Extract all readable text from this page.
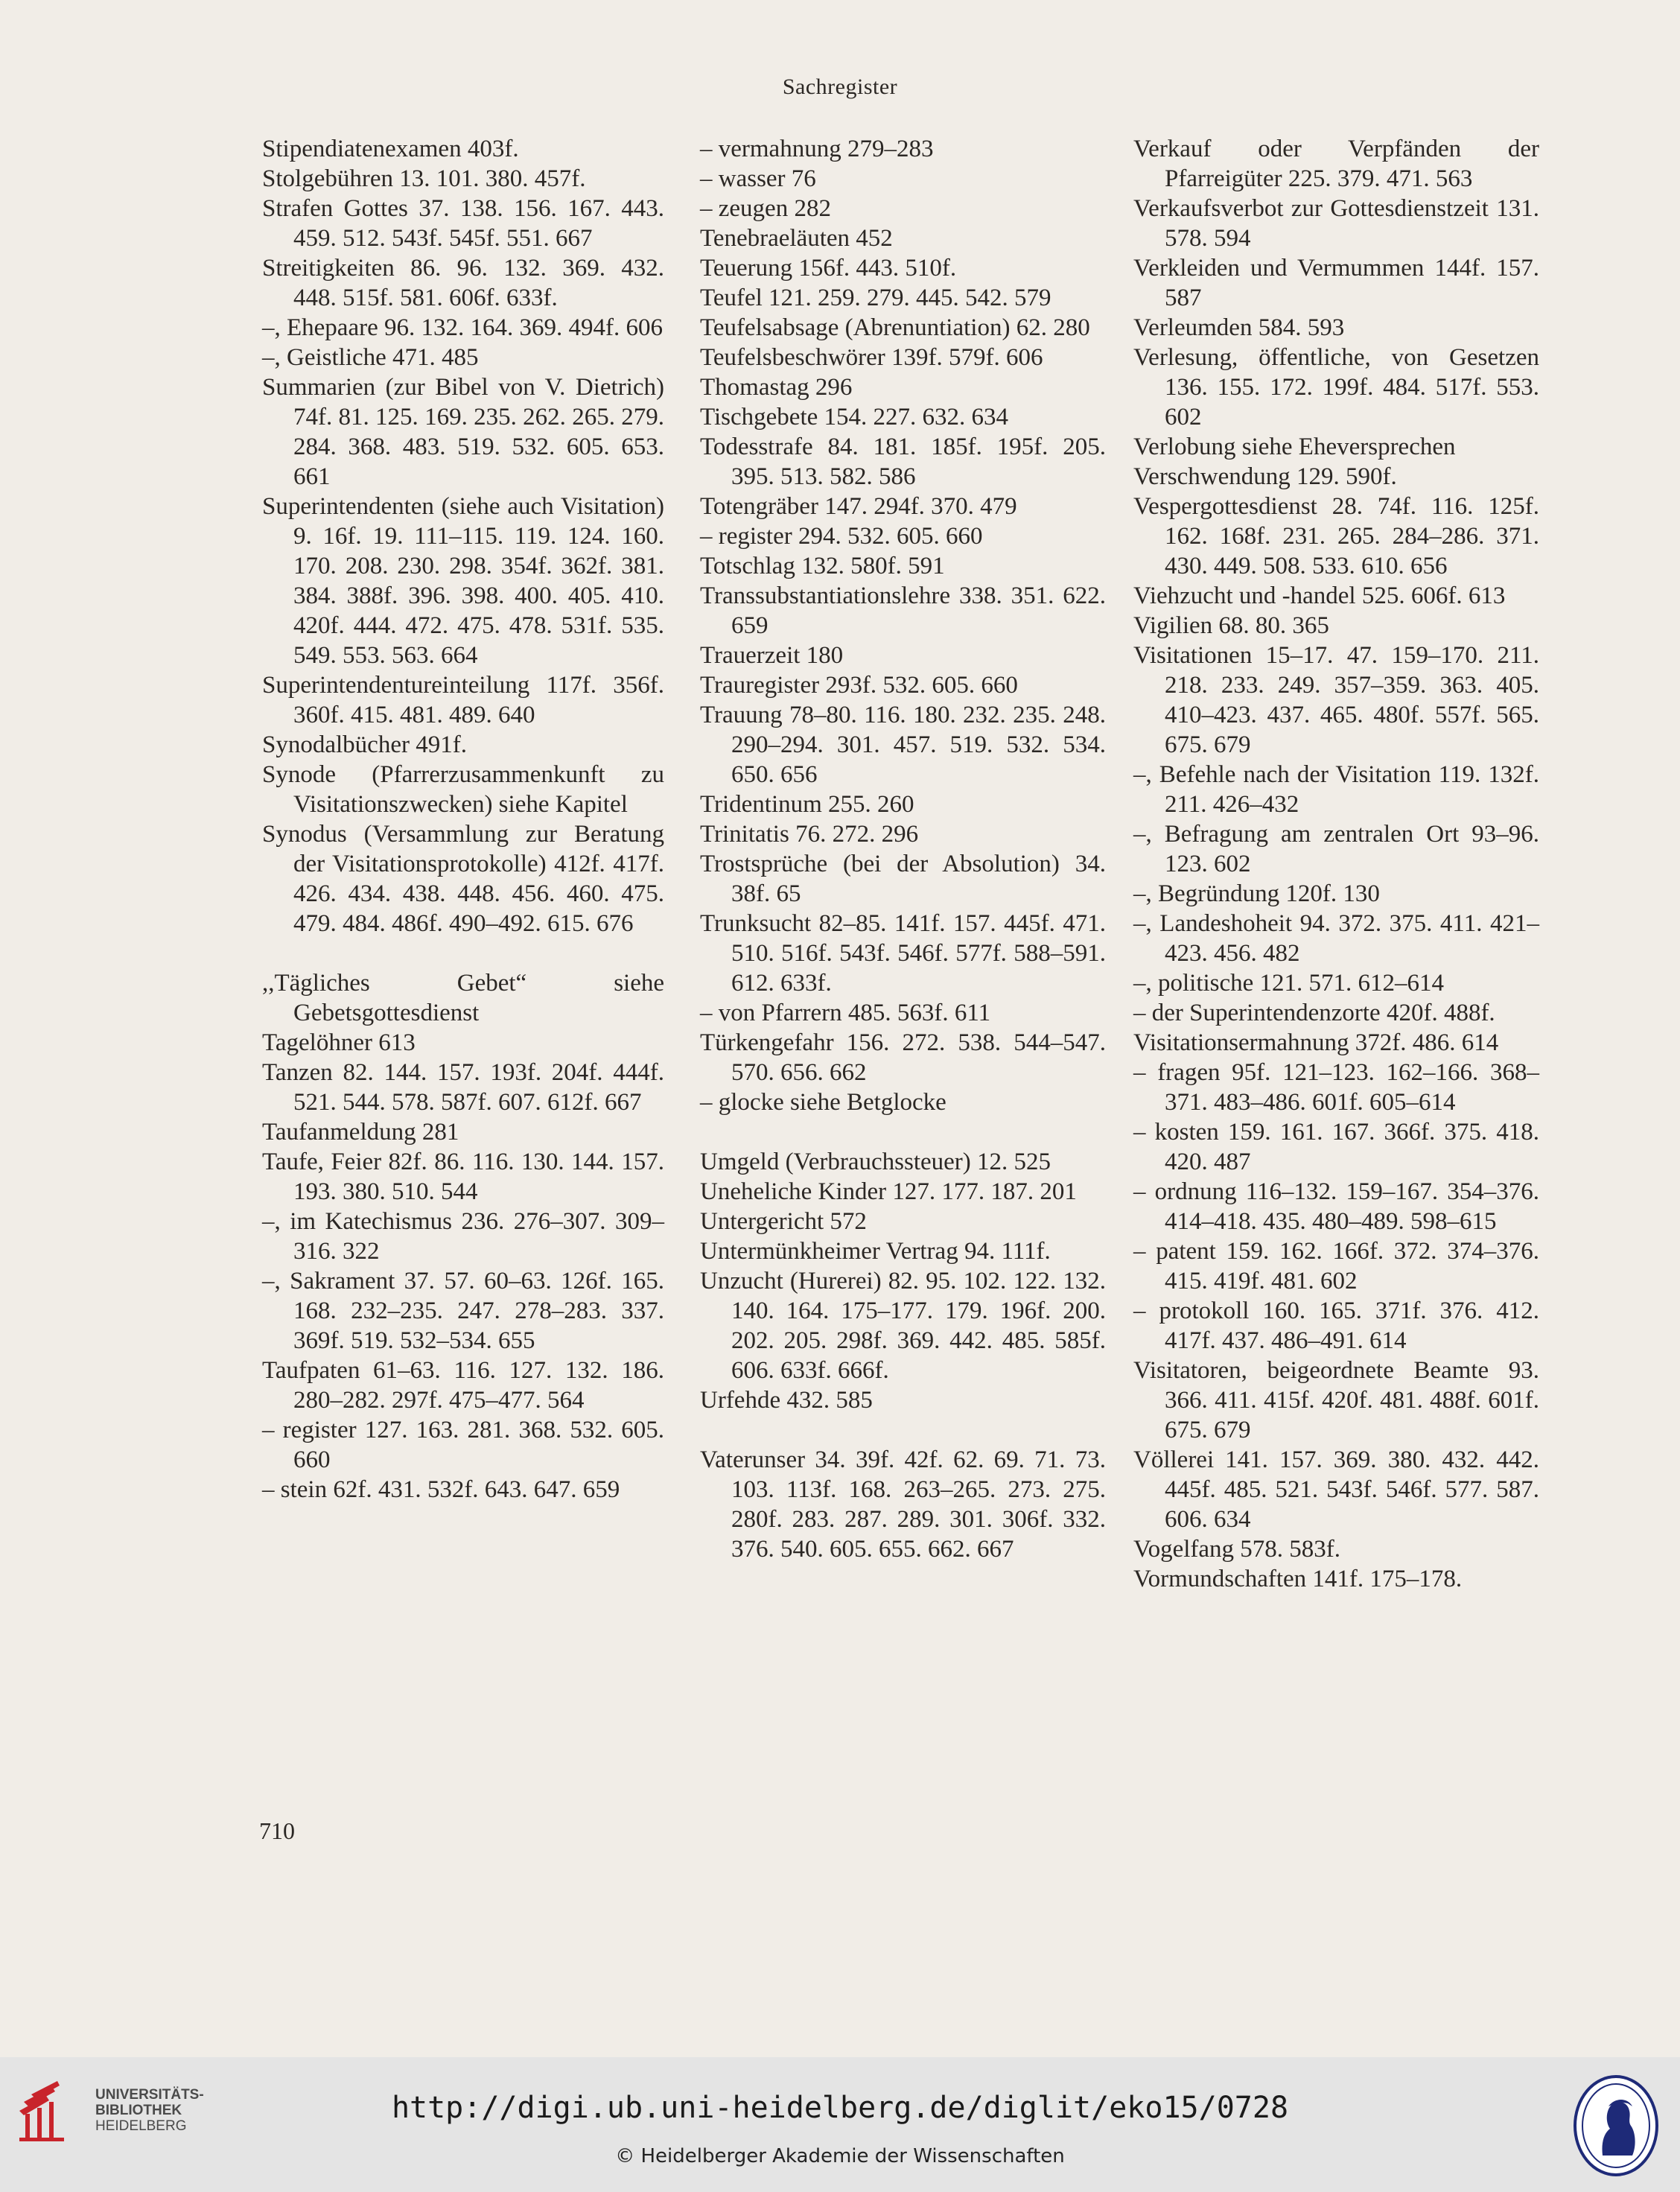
Sachregister
Stipendiatenexamen 403f.
Stolgebühren 13. 101. 380. 457f.
Strafen Gottes 37. 138. 156. 167. 443. 459. 512. 543f. 545f. 551. 667
Streitigkeiten 86. 96. 132. 369. 432. 448. 515f. 581. 606f. 633f.
–, Ehepaare 96. 132. 164. 369. 494f. 606
–, Geistliche 471. 485
Summarien (zur Bibel von V. Dietrich) 74f. 81. 125. 169. 235. 262. 265. 279. 284. 368. 483. 519. 532. 605. 653. 661
Superintendenten (siehe auch Visitation) 9. 16f. 19. 111–115. 119. 124. 160. 170. 208. 230. 298. 354f. 362f. 381. 384. 388f. 396. 398. 400. 405. 410. 420f. 444. 472. 475. 478. 531f. 535. 549. 553. 563. 664
Superintendentureinteilung 117f. 356f. 360f. 415. 481. 489. 640
Synodalbücher 491f.
Synode (Pfarrerzusammenkunft zu Visitationszwecken) siehe Kapitel
Synodus (Versammlung zur Beratung der Visitationsprotokolle) 412f. 417f. 426. 434. 438. 448. 456. 460. 475. 479. 484. 486f. 490–492. 615. 676
,,Tägliches Gebet“ siehe Gebetsgottesdienst
Tagelöhner 613
Tanzen 82. 144. 157. 193f. 204f. 444f. 521. 544. 578. 587f. 607. 612f. 667
Taufanmeldung 281
Taufe, Feier 82f. 86. 116. 130. 144. 157. 193. 380. 510. 544
–, im Katechismus 236. 276–307. 309–316. 322
–, Sakrament 37. 57. 60–63. 126f. 165. 168. 232–235. 247. 278–283. 337. 369f. 519. 532–534. 655
Taufpaten 61–63. 116. 127. 132. 186. 280–282. 297f. 475–477. 564
– register 127. 163. 281. 368. 532. 605. 660
– stein 62f. 431. 532f. 643. 647. 659
– vermahnung 279–283
– wasser 76
– zeugen 282
Tenebraeläuten 452
Teuerung 156f. 443. 510f.
Teufel 121. 259. 279. 445. 542. 579
Teufelsabsage (Abrenuntiation) 62. 280
Teufelsbeschwörer 139f. 579f. 606
Thomastag 296
Tischgebete 154. 227. 632. 634
Todesstrafe 84. 181. 185f. 195f. 205. 395. 513. 582. 586
Totengräber 147. 294f. 370. 479
– register 294. 532. 605. 660
Totschlag 132. 580f. 591
Transsubstantiationslehre 338. 351. 622. 659
Trauerzeit 180
Trauregister 293f. 532. 605. 660
Trauung 78–80. 116. 180. 232. 235. 248. 290–294. 301. 457. 519. 532. 534. 650. 656
Tridentinum 255. 260
Trinitatis 76. 272. 296
Trostsprüche (bei der Absolution) 34. 38f. 65
Trunksucht 82–85. 141f. 157. 445f. 471. 510. 516f. 543f. 546f. 577f. 588–591. 612. 633f.
– von Pfarrern 485. 563f. 611
Türkengefahr 156. 272. 538. 544–547. 570. 656. 662
– glocke siehe Betglocke
Umgeld (Verbrauchssteuer) 12. 525
Uneheliche Kinder 127. 177. 187. 201
Untergericht 572
Untermünkheimer Vertrag 94. 111f.
Unzucht (Hurerei) 82. 95. 102. 122. 132. 140. 164. 175–177. 179. 196f. 200. 202. 205. 298f. 369. 442. 485. 585f. 606. 633f. 666f.
Urfehde 432. 585
Vaterunser 34. 39f. 42f. 62. 69. 71. 73. 103. 113f. 168. 263–265. 273. 275. 280f. 283. 287. 289. 301. 306f. 332. 376. 540. 605. 655. 662. 667
Verkauf oder Verpfänden der Pfarreigüter 225. 379. 471. 563
Verkaufsverbot zur Gottesdienstzeit 131. 578. 594
Verkleiden und Vermummen 144f. 157. 587
Verleumden 584. 593
Verlesung, öffentliche, von Gesetzen 136. 155. 172. 199f. 484. 517f. 553. 602
Verlobung siehe Eheversprechen
Verschwendung 129. 590f.
Vespergottesdienst 28. 74f. 116. 125f. 162. 168f. 231. 265. 284–286. 371. 430. 449. 508. 533. 610. 656
Viehzucht und -handel 525. 606f. 613
Vigilien 68. 80. 365
Visitationen 15–17. 47. 159–170. 211. 218. 233. 249. 357–359. 363. 405. 410–423. 437. 465. 480f. 557f. 565. 675. 679
–, Befehle nach der Visitation 119. 132f. 211. 426–432
–, Befragung am zentralen Ort 93–96. 123. 602
–, Begründung 120f. 130
–, Landeshoheit 94. 372. 375. 411. 421–423. 456. 482
–, politische 121. 571. 612–614
– der Superintendenzorte 420f. 488f.
Visitationsermahnung 372f. 486. 614
– fragen 95f. 121–123. 162–166. 368–371. 483–486. 601f. 605–614
– kosten 159. 161. 167. 366f. 375. 418. 420. 487
– ordnung 116–132. 159–167. 354–376. 414–418. 435. 480–489. 598–615
– patent 159. 162. 166f. 372. 374–376. 415. 419f. 481. 602
– protokoll 160. 165. 371f. 376. 412. 417f. 437. 486–491. 614
Visitatoren, beigeordnete Beamte 93. 366. 411. 415f. 420f. 481. 488f. 601f. 675. 679
Völlerei 141. 157. 369. 380. 432. 442. 445f. 485. 521. 543f. 546f. 577. 587. 606. 634
Vogelfang 578. 583f.
Vormundschaften 141f. 175–178.
710
UNIVERSITÄTS-
BIBLIOTHEK
HEIDELBERG
http://digi.ub.uni-heidelberg.de/diglit/eko15/0728
© Heidelberger Akademie der Wissenschaften
